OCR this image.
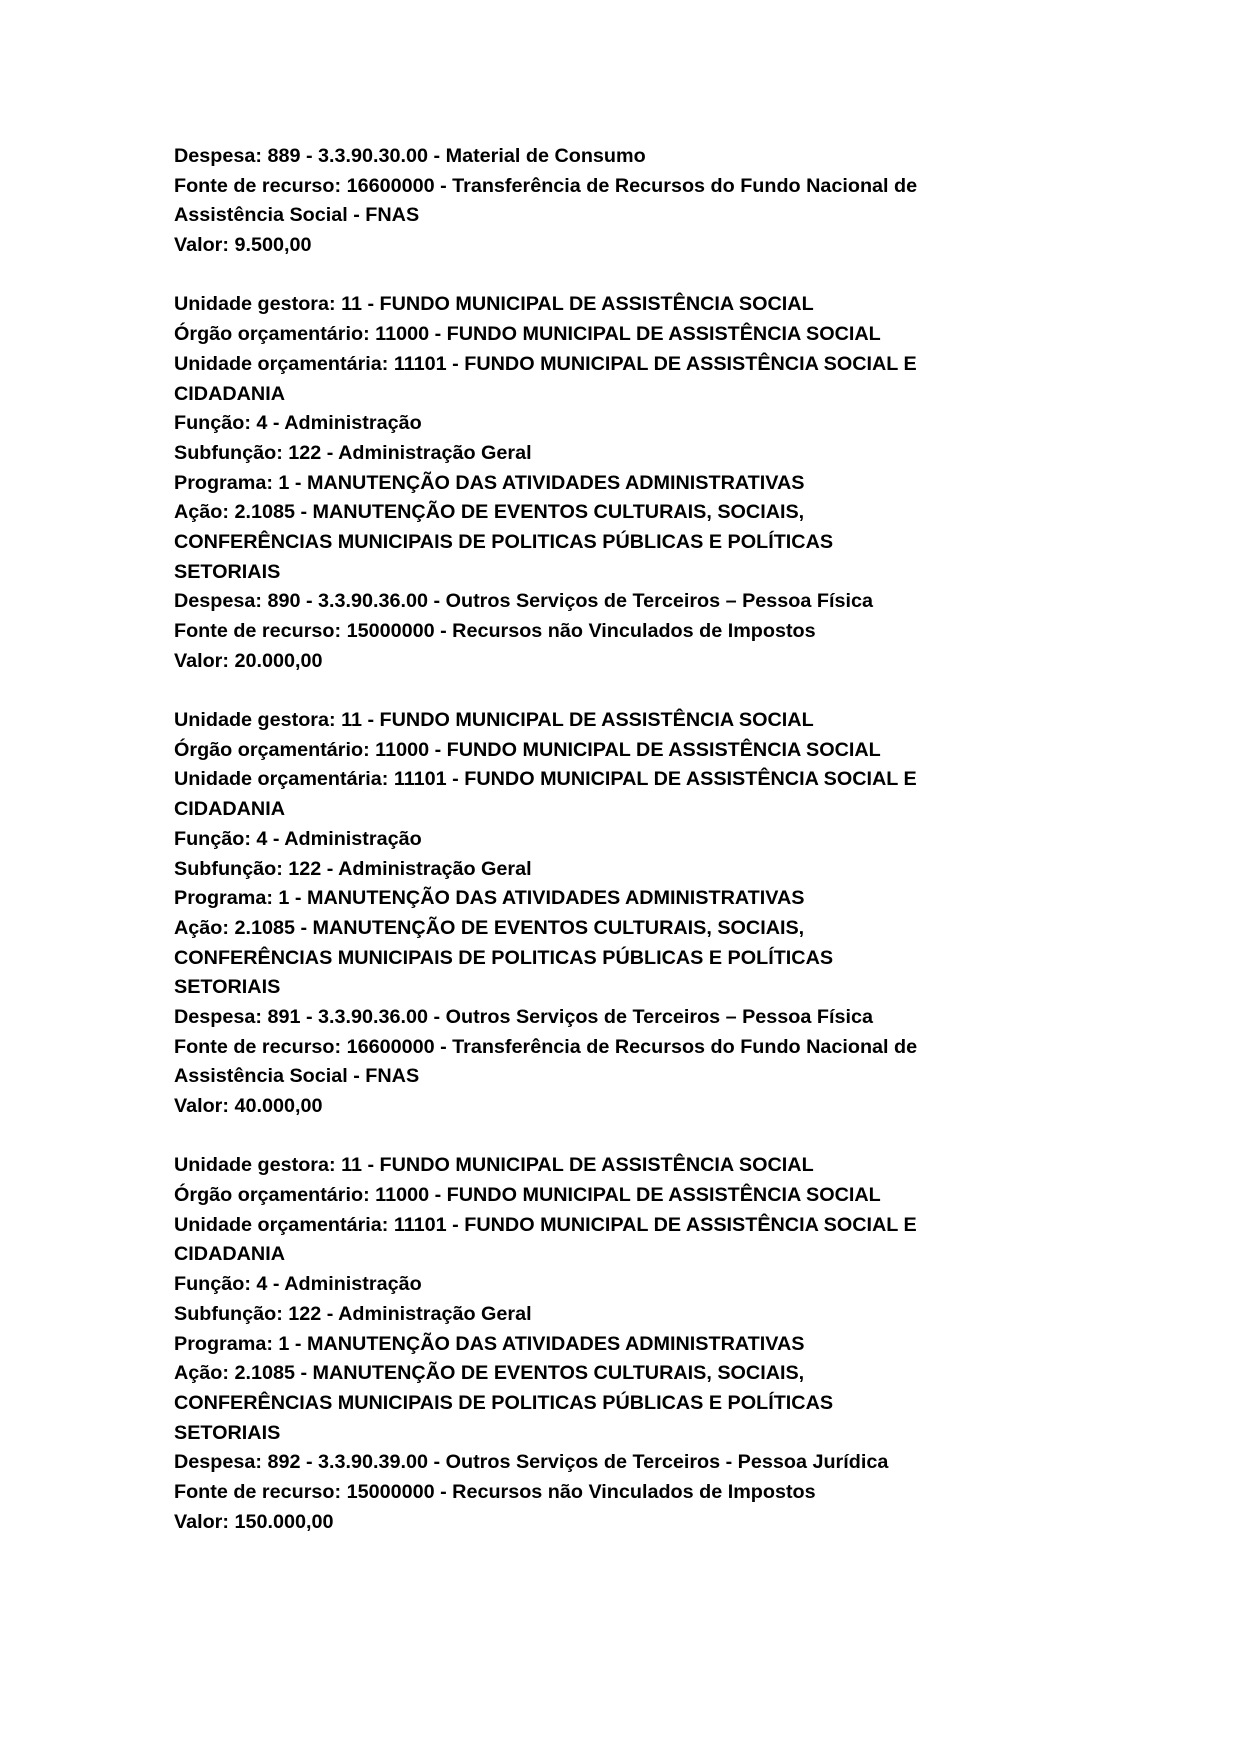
Despesa: 889 - 3.3.90.30.00 - Material de Consumo
Fonte de recurso: 16600000 - Transferência de Recursos do Fundo Nacional de
Assistência Social - FNAS
Valor: 9.500,00
Unidade gestora: 11 - FUNDO MUNICIPAL DE ASSISTÊNCIA SOCIAL
Órgão orçamentário: 11000 - FUNDO MUNICIPAL DE ASSISTÊNCIA SOCIAL
Unidade orçamentária: 11101 - FUNDO MUNICIPAL DE ASSISTÊNCIA SOCIAL E
CIDADANIA
Função: 4 - Administração
Subfunção: 122 - Administração Geral
Programa: 1 - MANUTENÇÃO DAS ATIVIDADES ADMINISTRATIVAS
Ação: 2.1085 - MANUTENÇÃO DE EVENTOS CULTURAIS, SOCIAIS,
CONFERÊNCIAS MUNICIPAIS DE POLITICAS PÚBLICAS E POLÍTICAS
SETORIAIS
Despesa: 890 - 3.3.90.36.00 - Outros Serviços de Terceiros – Pessoa Física
Fonte de recurso: 15000000 - Recursos não Vinculados de Impostos
Valor: 20.000,00
Unidade gestora: 11 - FUNDO MUNICIPAL DE ASSISTÊNCIA SOCIAL
Órgão orçamentário: 11000 - FUNDO MUNICIPAL DE ASSISTÊNCIA SOCIAL
Unidade orçamentária: 11101 - FUNDO MUNICIPAL DE ASSISTÊNCIA SOCIAL E
CIDADANIA
Função: 4 - Administração
Subfunção: 122 - Administração Geral
Programa: 1 - MANUTENÇÃO DAS ATIVIDADES ADMINISTRATIVAS
Ação: 2.1085 - MANUTENÇÃO DE EVENTOS CULTURAIS, SOCIAIS,
CONFERÊNCIAS MUNICIPAIS DE POLITICAS PÚBLICAS E POLÍTICAS
SETORIAIS
Despesa: 891 - 3.3.90.36.00 - Outros Serviços de Terceiros – Pessoa Física
Fonte de recurso: 16600000 - Transferência de Recursos do Fundo Nacional de
Assistência Social - FNAS
Valor: 40.000,00
Unidade gestora: 11 - FUNDO MUNICIPAL DE ASSISTÊNCIA SOCIAL
Órgão orçamentário: 11000 - FUNDO MUNICIPAL DE ASSISTÊNCIA SOCIAL
Unidade orçamentária: 11101 - FUNDO MUNICIPAL DE ASSISTÊNCIA SOCIAL E
CIDADANIA
Função: 4 - Administração
Subfunção: 122 - Administração Geral
Programa: 1 - MANUTENÇÃO DAS ATIVIDADES ADMINISTRATIVAS
Ação: 2.1085 - MANUTENÇÃO DE EVENTOS CULTURAIS, SOCIAIS,
CONFERÊNCIAS MUNICIPAIS DE POLITICAS PÚBLICAS E POLÍTICAS
SETORIAIS
Despesa: 892 - 3.3.90.39.00 - Outros Serviços de Terceiros - Pessoa Jurídica
Fonte de recurso: 15000000 - Recursos não Vinculados de Impostos
Valor: 150.000,00
